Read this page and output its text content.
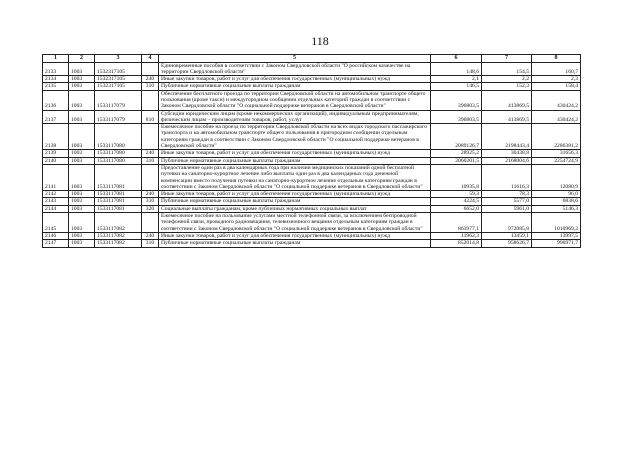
118
1	2	3	4	5	6	7	8
2133	1003	1532317105		Единовременные пособия в соответствии с Законом Свердловской области "О российском казачестве на территории Свердловской области"	148,6	154,5	160,7
2134	1003	1532317105	240	Иные закупки товаров, работ и услуг для обеспечения государственных (муниципальных) нужд	2,1	2,2	2,3
2135	1003	1532317105	310	Публичные нормативные социальные выплаты гражданам	146,5	152,3	158,4
2136	1003	1533117079		Обеспечение бесплатного проезда по территории Свердловской области на автомобильном транспорте общего пользования (кроме такси) и междугородном сообщении отдельных категорий граждан в соответствии с Законом Свердловской области "О социальной поддержке ветеранов в Свердловской области"	396803,5	413869,5	430424,2
2137	1003	1533117079	810	Субсидии юридическим лицам (кроме некоммерческих организаций), индивидуальным предпринимателям, физическим лицам – производителям товаров, работ, услуг	396803,5	413869,5	430424,2
2138	1003	1533117080		Ежемесячное пособие на проезд по территории Свердловской области на всех видах городского пассажирского транспорта и на автомобильном транспорте общего пользования в пригородном сообщении отдельным категориям граждан в соответствии с Законом Свердловской области "О социальной поддержке ветеранов в Свердловской области"	2089126,7	2198443,4	2286381,2
2139	1003	1533117080	240	Иные закупки товаров, работ и услуг для обеспечения государственных (муниципальных) нужд	28925,2	30438,8	31656,3
2140	1003	1533117080	310	Публичные нормативные социальные выплаты гражданам	2060201,5	2168004,6	2254724,9
2141	1003	1533117081		Предоставление один раз в два календарных года при наличии медицинских показаний одной бесплатной путевки на санаторно-курортное лечение либо выплаты один раз в два календарных года денежной компенсации вместо получения путевки на санаторно-курортное лечение отдельным категориям граждан в соответствии с Законом Свердловской области "О социальной поддержке ветеранов в Свердловской области"	10935,8	11616,3	12080,9
2142	1003	1533117081	240	Иные закупки товаров, работ и услуг для обеспечения государственных (муниципальных) нужд	59,3	78,3	96,0
2143	1003	1533117081	310	Публичные нормативные социальные выплаты гражданам	4224,5	5577,0	6838,6
2144	1003	1533117081	320	Социальные выплаты гражданам, кроме публичных нормативных социальных выплат	6652,0	5961,0	5146,3
2145	1003	1533117082		Ежемесячное пособие на пользование услугами местной телефонной связи, за исключением беспроводной телефонной связи, проводного радиовещания, телевизионного вещания отдельным категориям граждан в соответствии с Законом Свердловской области "О социальной поддержке ветеранов в Свердловской области"	863977,1	972085,8	1010969,2
2146	1003	1533117082	240	Иные закупки товаров, работ и услуг для обеспечения государственных (муниципальных) нужд	11962,3	13459,1	13997,5
2147	1003	1533117082	310	Публичные нормативные социальные выплаты гражданам	852014,8	958626,7	996971,7
